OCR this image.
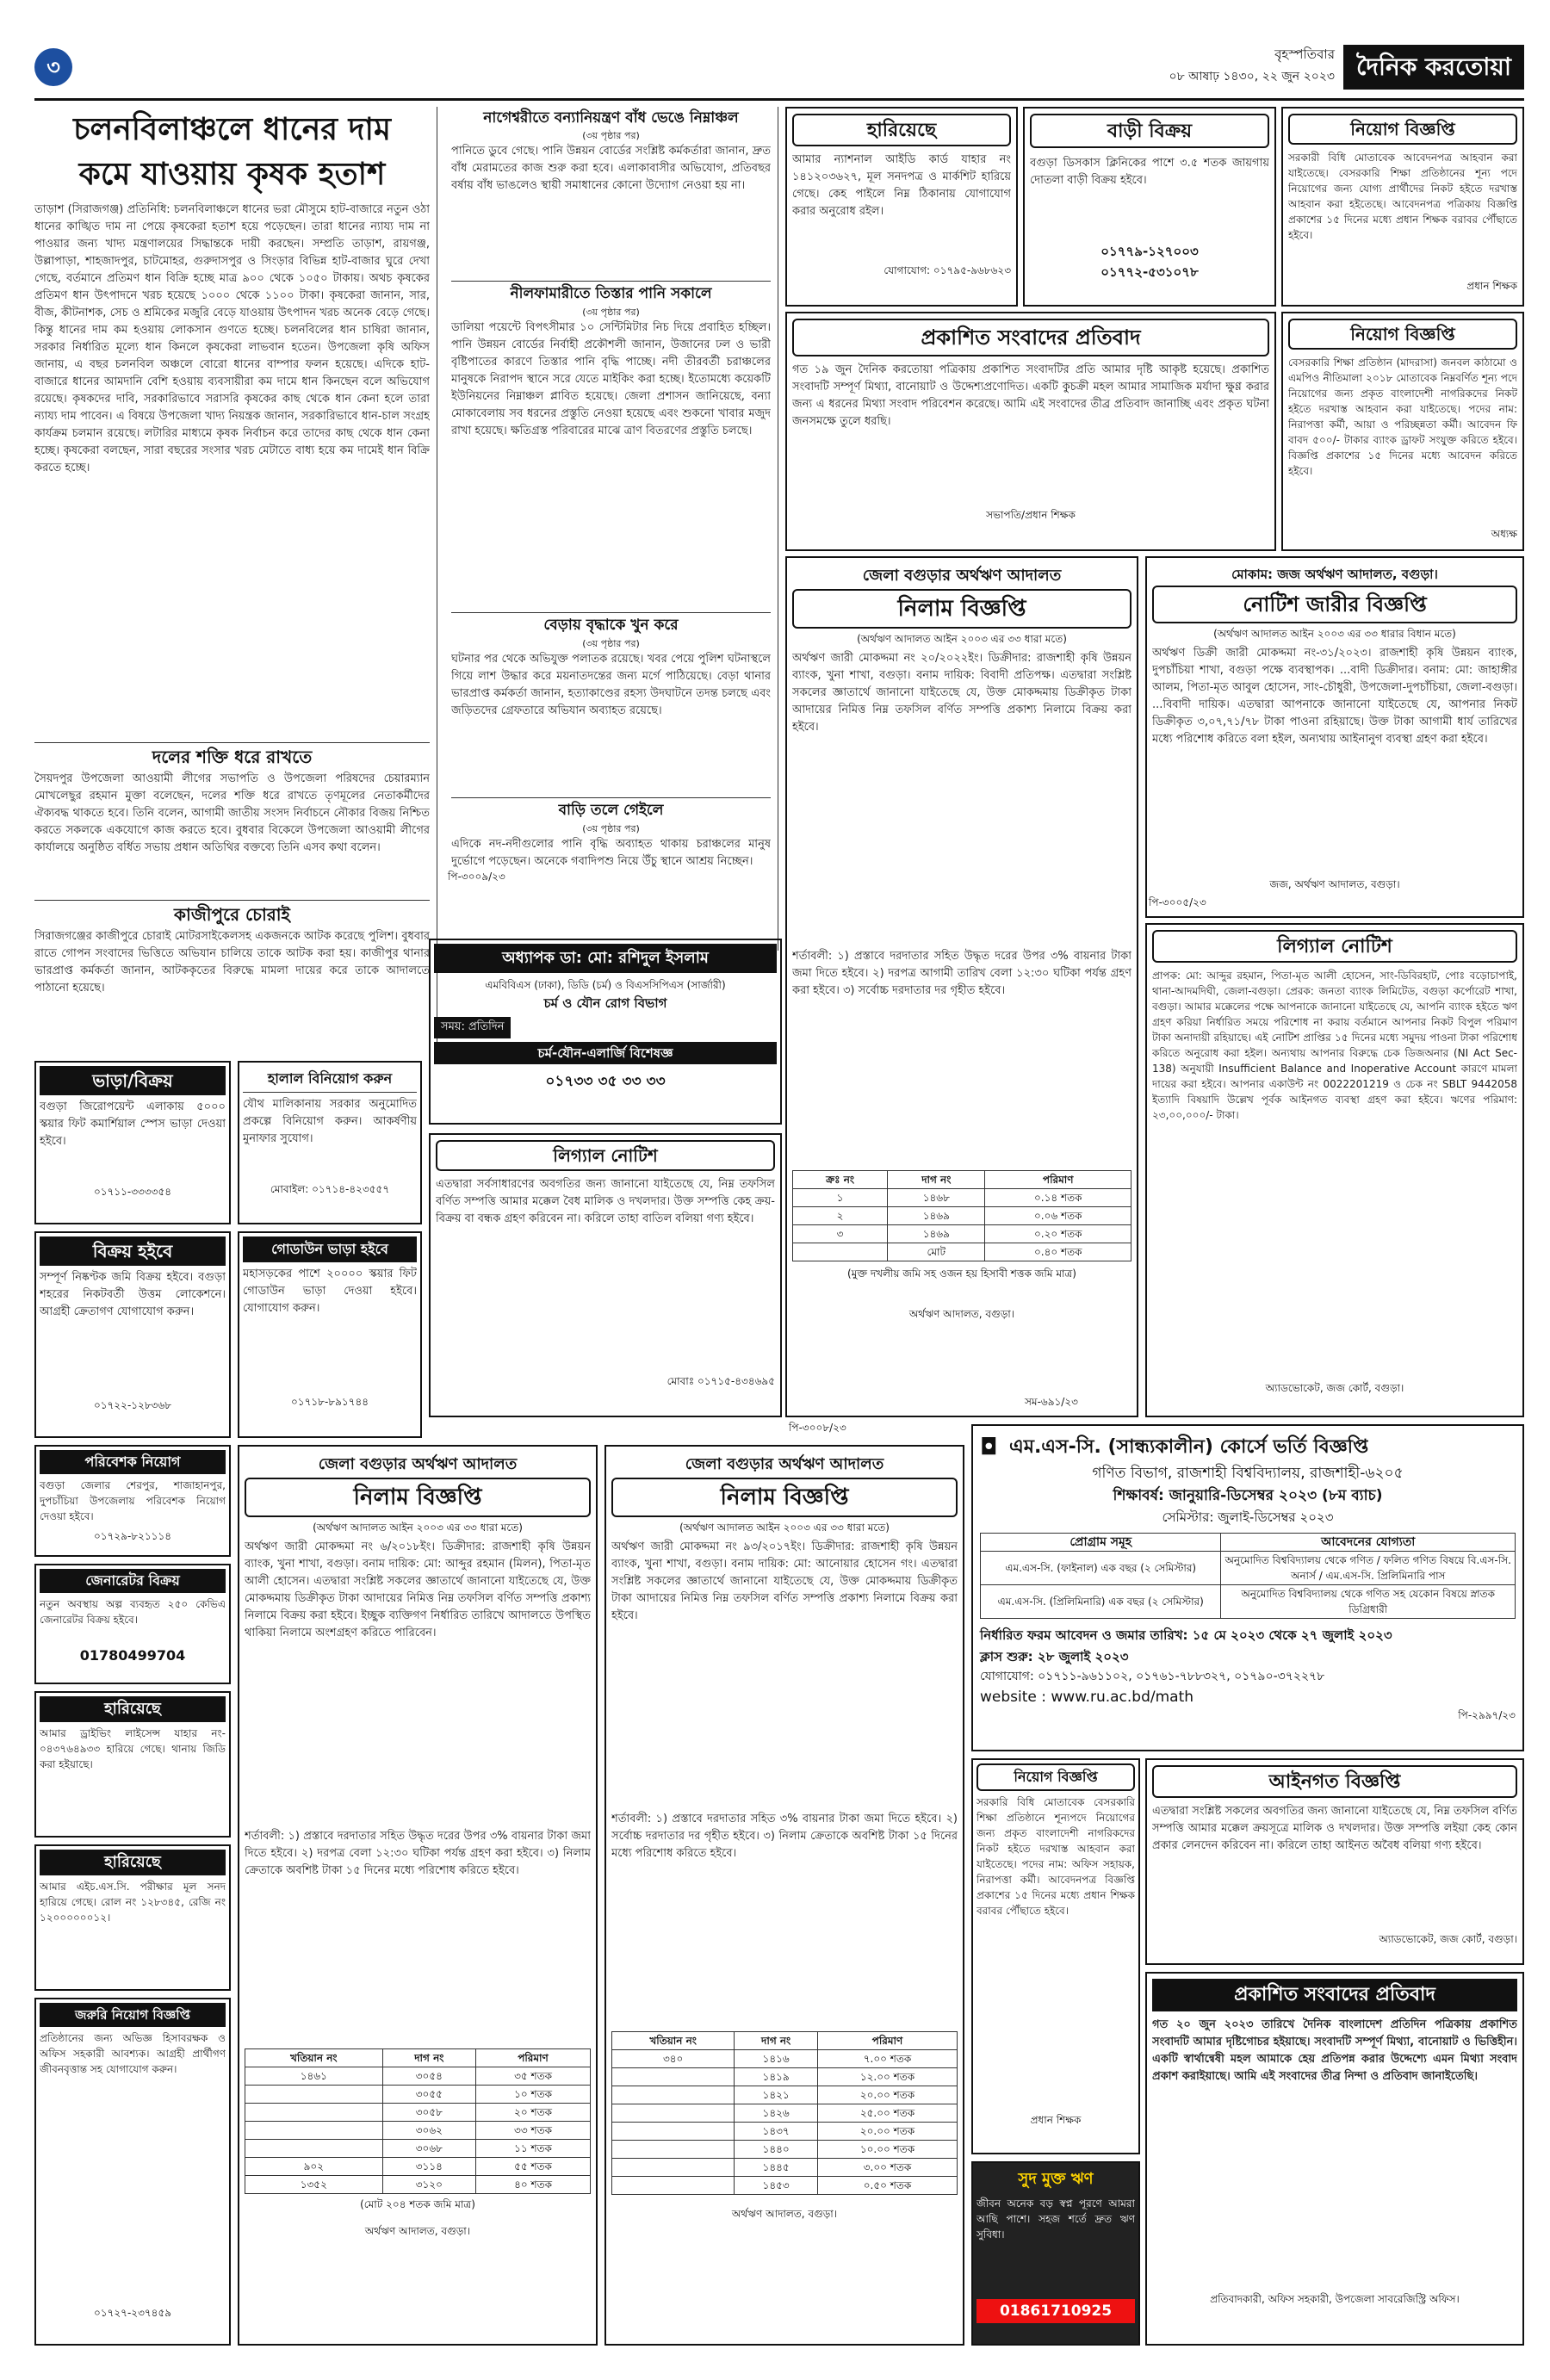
৩
বৃহস্পতিবার
০৮ আষাঢ় ১৪৩০, ২২ জুন ২০২৩ দৈনিক করতোয়া
চলনবিলাঞ্চলে ধানের দাম
কমে যাওয়ায় কৃষক হতাশ
তাড়াশ (সিরাজগঞ্জ) প্রতিনিধি: চলনবিলাঞ্চলে ধানের ভরা মৌসুমে হাট-বাজারে নতুন ওঠা ধানের কাঙ্খিত দাম না পেয়ে কৃষকেরা হতাশ হয়ে পড়েছেন। তারা ধানের ন্যায্য দাম না পাওয়ার জন্য খাদ্য মন্ত্রণালয়ের সিদ্ধান্তকে দায়ী করছেন। সম্প্রতি তাড়াশ, রায়গঞ্জ, উল্লাপাড়া, শাহজাদপুর, চাটমোহর, গুরুদাসপুর ও সিংড়ার বিভিন্ন হাট-বাজার ঘুরে দেখা গেছে, বর্তমানে প্রতিমণ ধান বিক্রি হচ্ছে মাত্র ৯০০ থেকে ১০৫০ টাকায়। অথচ কৃষকের প্রতিমণ ধান উৎপাদনে খরচ হয়েছে ১০০০ থেকে ১১০০ টাকা। কৃষকেরা জানান, সার, বীজ, কীটনাশক, সেচ ও শ্রমিকের মজুরি বেড়ে যাওয়ায় উৎপাদন খরচ অনেক বেড়ে গেছে। কিন্তু ধানের দাম কম হওয়ায় লোকসান গুণতে হচ্ছে। চলনবিলের ধান চাষিরা জানান, সরকার নির্ধারিত মূল্যে ধান কিনলে কৃষকেরা লাভবান হতেন। উপজেলা কৃষি অফিস জানায়, এ বছর চলনবিল অঞ্চলে বোরো ধানের বাম্পার ফলন হয়েছে। এদিকে হাট-বাজারে ধানের আমদানি বেশি হওয়ায় ব্যবসায়ীরা কম দামে ধান কিনছেন বলে অভিযোগ রয়েছে। কৃষকদের দাবি, সরকারিভাবে সরাসরি কৃষকের কাছ থেকে ধান কেনা হলে তারা ন্যায্য দাম পাবেন। এ বিষয়ে উপজেলা খাদ্য নিয়ন্ত্রক জানান, সরকারিভাবে ধান-চাল সংগ্রহ কার্যক্রম চলমান রয়েছে। লটারির মাধ্যমে কৃষক নির্বাচন করে তাদের কাছ থেকে ধান কেনা হচ্ছে। কৃষকেরা বলছেন, সারা বছরের সংসার খরচ মেটাতে বাধ্য হয়ে কম দামেই ধান বিক্রি করতে হচ্ছে।
দলের শক্তি ধরে রাখতে
সৈয়দপুর উপজেলা আওয়ামী লীগের সভাপতি ও উপজেলা পরিষদের চেয়ারম্যান মোখলেছুর রহমান মুক্তা বলেছেন, দলের শক্তি ধরে রাখতে তৃণমূলের নেতাকর্মীদের ঐক্যবদ্ধ থাকতে হবে। তিনি বলেন, আগামী জাতীয় সংসদ নির্বাচনে নৌকার বিজয় নিশ্চিত করতে সকলকে একযোগে কাজ করতে হবে। বুধবার বিকেলে উপজেলা আওয়ামী লীগের কার্যালয়ে অনুষ্ঠিত বর্ধিত সভায় প্রধান অতিথির বক্তব্যে তিনি এসব কথা বলেন।
কাজীপুরে চোরাই
সিরাজগঞ্জের কাজীপুরে চোরাই মোটরসাইকেলসহ একজনকে আটক করেছে পুলিশ। বুধবার রাতে গোপন সংবাদের ভিত্তিতে অভিযান চালিয়ে তাকে আটক করা হয়। কাজীপুর থানার ভারপ্রাপ্ত কর্মকর্তা জানান, আটককৃতের বিরুদ্ধে মামলা দায়ের করে তাকে আদালতে পাঠানো হয়েছে।
নাগেশ্বরীতে বন্যানিয়ন্ত্রণ বাঁধ ভেঙে নিম্নাঞ্চল
(৩য় পৃষ্ঠার পর)
পানিতে ডুবে গেছে। পানি উন্নয়ন বোর্ডের সংশ্লিষ্ট কর্মকর্তারা জানান, দ্রুত বাঁধ মেরামতের কাজ শুরু করা হবে। এলাকাবাসীর অভিযোগ, প্রতিবছর বর্ষায় বাঁধ ভাঙলেও স্থায়ী সমাধানের কোনো উদ্যোগ নেওয়া হয় না।
নীলফামারীতে তিস্তার পানি সকালে
(৩য় পৃষ্ঠার পর)
ডালিয়া পয়েন্টে বিপৎসীমার ১০ সেন্টিমিটার নিচ দিয়ে প্রবাহিত হচ্ছিল। পানি উন্নয়ন বোর্ডের নির্বাহী প্রকৌশলী জানান, উজানের ঢল ও ভারী বৃষ্টিপাতের কারণে তিস্তার পানি বৃদ্ধি পাচ্ছে। নদী তীরবর্তী চরাঞ্চলের মানুষকে নিরাপদ স্থানে সরে যেতে মাইকিং করা হচ্ছে। ইতোমধ্যে কয়েকটি ইউনিয়নের নিম্নাঞ্চল প্লাবিত হয়েছে। জেলা প্রশাসন জানিয়েছে, বন্যা মোকাবেলায় সব ধরনের প্রস্তুতি নেওয়া হয়েছে এবং শুকনো খাবার মজুদ রাখা হয়েছে। ক্ষতিগ্রস্ত পরিবারের মাঝে ত্রাণ বিতরণের প্রস্তুতি চলছে।
বেড়ায় বৃদ্ধাকে খুন করে
(৩য় পৃষ্ঠার পর)
ঘটনার পর থেকে অভিযুক্ত পলাতক রয়েছে। খবর পেয়ে পুলিশ ঘটনাস্থলে গিয়ে লাশ উদ্ধার করে ময়নাতদন্তের জন্য মর্গে পাঠিয়েছে। বেড়া থানার ভারপ্রাপ্ত কর্মকর্তা জানান, হত্যাকাণ্ডের রহস্য উদঘাটনে তদন্ত চলছে এবং জড়িতদের গ্রেফতারে অভিযান অব্যাহত রয়েছে।
বাড়ি তলে গেইলে
(৩য় পৃষ্ঠার পর)
এদিকে নদ-নদীগুলোর পানি বৃদ্ধি অব্যাহত থাকায় চরাঞ্চলের মানুষ দুর্ভোগে পড়েছেন। অনেকে গবাদিপশু নিয়ে উঁচু স্থানে আশ্রয় নিচ্ছেন।
অধ্যাপক ডা: মো: রশিদুল ইসলাম
এমবিবিএস (ঢাকা), ডিডি (চর্ম) ও বিএসসিপিএস (সার্জারী)
চর্ম ও যৌন রোগ বিভাগ
সময়: প্রতিদিন
চর্ম-যৌন-এলার্জি বিশেষজ্ঞ
০১৭৩৩ ৩৫ ৩৩ ৩৩
লিগ্যাল নোটিশ
এতদ্বারা সর্বসাধারণের অবগতির জন্য জানানো যাইতেছে যে, নিম্ন তফসিল বর্ণিত সম্পত্তি আমার মক্কেল বৈধ মালিক ও দখলদার। উক্ত সম্পত্তি কেহ ক্রয়-বিক্রয় বা বন্ধক গ্রহণ করিবেন না। করিলে তাহা বাতিল বলিয়া গণ্য হইবে।
মোবাঃ ০১৭১৫-৪৩৪৬৯৫
হারিয়েছে
আমার ন্যাশনাল আইডি কার্ড যাহার নং ১৪১২০৩৬২৭, মূল সনদপত্র ও মার্কশিট হারিয়ে গেছে। কেহ পাইলে নিম্ন ঠিকানায় যোগাযোগ করার অনুরোধ রইল।
যোগাযোগ: ০১৭৯৫-৯৬৮৬২৩
প্রকাশিত সংবাদের প্রতিবাদ
গত ১৯ জুন দৈনিক করতোয়া পত্রিকায় প্রকাশিত সংবাদটির প্রতি আমার দৃষ্টি আকৃষ্ট হয়েছে। প্রকাশিত সংবাদটি সম্পূর্ণ মিথ্যা, বানোয়াট ও উদ্দেশ্যপ্রণোদিত। একটি কুচক্রী মহল আমার সামাজিক মর্যাদা ক্ষুণ্ণ করার জন্য এ ধরনের মিথ্যা সংবাদ পরিবেশন করেছে। আমি এই সংবাদের তীব্র প্রতিবাদ জানাচ্ছি এবং প্রকৃত ঘটনা জনসমক্ষে তুলে ধরছি।
সভাপতি/প্রধান শিক্ষক
জেলা বগুড়ার অর্থঋণ আদালত
নিলাম বিজ্ঞপ্তি
(অর্থঋণ আদালত আইন ২০০৩ এর ৩৩ ধারা মতে)
অর্থঋণ জারী মোকদ্দমা নং ২০/২০২২ইং। ডিক্রীদার: রাজশাহী কৃষি উন্নয়ন ব্যাংক, খুনা শাখা, বগুড়া। বনাম দায়িক: বিবাদী প্রতিপক্ষ। এতদ্বারা সংশ্লিষ্ট সকলের জ্ঞাতার্থে জানানো যাইতেছে যে, উক্ত মোকদ্দমায় ডিক্রীকৃত টাকা আদায়ের নিমিত্ত নিম্ন তফসিল বর্ণিত সম্পত্তি প্রকাশ্য নিলামে বিক্রয় করা হইবে।
শর্তাবলী: ১) প্রস্তাবে দরদাতার সহিত উদ্ধৃত দরের উপর ৩% বায়নার টাকা জমা দিতে হইবে। ২) দরপত্র আগামী তারিখ বেলা ১২:৩০ ঘটিকা পর্যন্ত গ্রহণ করা হইবে। ৩) সর্বোচ্চ দরদাতার দর গৃহীত হইবে।
ক্রঃ নং	দাগ নং	পরিমাণ
১	১৪৬৮	০.১৪ শতক
২	১৪৬৯	০.০৬ শতক
৩	১৪৬৯	০.২০ শতক
	মোট	০.৪০ শতক
(মুক্ত দখলীয় জমি সহ ওজন হয় হিসাবী শত্তক জমি মাত্র)
অর্থঋণ আদালত, বগুড়া।
বাড়ী বিক্রয়
বগুড়া ডিসকাস ক্লিনিকের পাশে ৩.৫ শতক জায়গায় দোতলা বাড়ী বিক্রয় হইবে।
০১৭৭৯-১২৭০০৩
০১৭৭২-৫৩১০৭৮
মোকাম: জজ অর্থঋণ আদালত, বগুড়া।
নোটিশ জারীর বিজ্ঞপ্তি
(অর্থঋণ আদালত আইন ২০০৩ এর ৩৩ ধারার বিধান মতে)
অর্থঋণ ডিক্রী জারী মোকদ্দমা নং-৩১/২০২৩। রাজশাহী কৃষি উন্নয়ন ব্যাংক, দুপচাঁচিয়া শাখা, বগুড়া পক্ষে ব্যবস্থাপক। ...বাদী ডিক্রীদার। বনাম: মো: জাহাঙ্গীর আলম, পিতা-মৃত আবুল হোসেন, সাং-চৌধুরী, উপজেলা-দুপচাঁচিয়া, জেলা-বগুড়া। ...বিবাদী দায়িক। এতদ্বারা আপনাকে জানানো যাইতেছে যে, আপনার নিকট ডিক্রীকৃত ৩,০৭,৭১/৭৮ টাকা পাওনা রহিয়াছে। উক্ত টাকা আগামী ধার্য তারিখের মধ্যে পরিশোধ করিতে বলা হইল, অন্যথায় আইনানুগ ব্যবস্থা গ্রহণ করা হইবে।
জজ, অর্থঋণ আদালত, বগুড়া।
লিগ্যাল নোটিশ
প্রাপক: মো: আব্দুর রহমান, পিতা-মৃত আলী হোসেন, সাং-ডিবিরহাট, পোঃ বড়োচাপাই, থানা-আদমদিঘী, জেলা-বগুড়া। প্রেরক: জনতা ব্যাংক লিমিটেড, বগুড়া কর্পোরেট শাখা, বগুড়া। আমার মক্কেলের পক্ষে আপনাকে জানানো যাইতেছে যে, আপনি ব্যাংক হইতে ঋণ গ্রহণ করিয়া নির্ধারিত সময়ে পরিশোধ না করায় বর্তমানে আপনার নিকট বিপুল পরিমাণ টাকা অনাদায়ী রহিয়াছে। এই নোটিশ প্রাপ্তির ১৫ দিনের মধ্যে সমুদয় পাওনা টাকা পরিশোধ করিতে অনুরোধ করা হইল। অন্যথায় আপনার বিরুদ্ধে চেক ডিজঅনার (NI Act Sec-138) অনুযায়ী Insufficient Balance and Inoperative Account কারণে মামলা দায়ের করা হইবে। আপনার একাউন্ট নং 0022201219 ও চেক নং SBLT 9442058 ইত্যাদি বিষয়াদি উল্লেখ পূর্বক আইনগত ব্যবস্থা গ্রহণ করা হইবে। ঋণের পরিমাণ: ২৩,০০,০০০/- টাকা।
অ্যাডভোকেট, জজ কোর্ট, বগুড়া।
নিয়োগ বিজ্ঞপ্তি
সরকারী বিধি মোতাবেক আবেদনপত্র আহবান করা যাইতেছে। বেসরকারি শিক্ষা প্রতিষ্ঠানের শূন্য পদে নিয়োগের জন্য যোগ্য প্রার্থীদের নিকট হইতে দরখাস্ত আহবান করা হইতেছে। আবেদনপত্র পত্রিকায় বিজ্ঞপ্তি প্রকাশের ১৫ দিনের মধ্যে প্রধান শিক্ষক বরাবর পৌঁছাতে হইবে।
প্রধান শিক্ষক
নিয়োগ বিজ্ঞপ্তি
বেসরকারি শিক্ষা প্রতিষ্ঠান (মাদরাসা) জনবল কাঠামো ও এমপিও নীতিমালা ২০১৮ মোতাবেক নিম্নবর্ণিত শূন্য পদে নিয়োগের জন্য প্রকৃত বাংলাদেশী নাগরিকদের নিকট হইতে দরখাস্ত আহবান করা যাইতেছে। পদের নাম: নিরাপত্তা কর্মী, আয়া ও পরিচ্ছন্নতা কর্মী। আবেদন ফি বাবদ ৫০০/- টাকার ব্যাংক ড্রাফট সংযুক্ত করিতে হইবে। বিজ্ঞপ্তি প্রকাশের ১৫ দিনের মধ্যে আবেদন করিতে হইবে।
অধ্যক্ষ
ভাড়া/বিক্রয়
বগুড়া জিরোপয়েন্ট এলাকায় ৫০০০ স্কয়ার ফিট কমার্শিয়াল স্পেস ভাড়া দেওয়া হইবে।
০১৭১১-৩৩৩৩৫৪
হালাল বিনিয়োগ করুন
যৌথ মালিকানায় সরকার অনুমোদিত প্রকল্পে বিনিয়োগ করুন। আকর্ষণীয় মুনাফার সুযোগ।
মোবাইল: ০১৭১৪-৪২৩৫৫৭
বিক্রয় হইবে
সম্পূর্ণ নিষ্কণ্টক জমি বিক্রয় হইবে। বগুড়া শহরের নিকটবর্তী উত্তম লোকেশনে। আগ্রহী ক্রেতাগণ যোগাযোগ করুন।
০১৭২২-১২৮৩৬৮
গোডাউন ভাড়া হইবে
মহাসড়কের পাশে ২০০০০ স্কয়ার ফিট গোডাউন ভাড়া দেওয়া হইবে। যোগাযোগ করুন।
০১৭১৮-৮৯১৭৪৪
পরিবেশক নিয়োগ
বগুড়া জেলার শেরপুর, শাজাহানপুর, দুপচাঁচিয়া উপজেলায় পরিবেশক নিয়োগ দেওয়া হইবে।
০১৭২৯-৮২১১১৪
জেনারেটর বিক্রয়
নতুন অবস্থায় অল্প ব্যবহৃত ২৫০ কেভিএ জেনারেটর বিক্রয় হইবে।
01780499704
হারিয়েছে
আমার ড্রাইভিং লাইসেন্স যাহার নং- ০৪৩৭৬৪৯৩৩ হারিয়ে গেছে। থানায় জিডি করা হইয়াছে।
হারিয়েছে
আমার এইচ.এস.সি. পরীক্ষার মূল সনদ হারিয়ে গেছে। রোল নং ১২৮৩৪৫, রেজি নং ১২০০০০০০১২।
জরুরি নিয়োগ বিজ্ঞপ্তি
প্রতিষ্ঠানের জন্য অভিজ্ঞ হিসাবরক্ষক ও অফিস সহকারী আবশ্যক। আগ্রহী প্রার্থীগণ জীবনবৃত্তান্ত সহ যোগাযোগ করুন।
০১৭২৭-২৩৭৪৫৯
জেলা বগুড়ার অর্থঋণ আদালত
নিলাম বিজ্ঞপ্তি
(অর্থঋণ আদালত আইন ২০০৩ এর ৩৩ ধারা মতে)
অর্থঋণ জারী মোকদ্দমা নং ৬/২০১৮ইং। ডিক্রীদার: রাজশাহী কৃষি উন্নয়ন ব্যাংক, খুনা শাখা, বগুড়া। বনাম দায়িক: মো: আব্দুর রহমান (মিলন), পিতা-মৃত আলী হোসেন। এতদ্বারা সংশ্লিষ্ট সকলের জ্ঞাতার্থে জানানো যাইতেছে যে, উক্ত মোকদ্দমায় ডিক্রীকৃত টাকা আদায়ের নিমিত্ত নিম্ন তফসিল বর্ণিত সম্পত্তি প্রকাশ্য নিলামে বিক্রয় করা হইবে। ইচ্ছুক ব্যক্তিগণ নির্ধারিত তারিখে আদালতে উপস্থিত থাকিয়া নিলামে অংশগ্রহণ করিতে পারিবেন।
শর্তাবলী: ১) প্রস্তাবে দরদাতার সহিত উদ্ধৃত দরের উপর ৩% বায়নার টাকা জমা দিতে হইবে। ২) দরপত্র বেলা ১২:৩০ ঘটিকা পর্যন্ত গ্রহণ করা হইবে। ৩) নিলাম ক্রেতাকে অবশিষ্ট টাকা ১৫ দিনের মধ্যে পরিশোধ করিতে হইবে।
খতিয়ান নং	দাগ নং	পরিমাণ
১৪৬১	৩০৫৪	৩৫ শতক
	৩০৫৫	১০ শতক
	৩০৫৮	২০ শতক
	৩০৬২	৩৩ শতক
	৩০৬৮	১১ শতক
৯০২	৩১১৪	৫৫ শতক
১৩৫২	৩১২০	৪০ শতক
(মোট ২০৪ শতক জমি মাত্র)
অর্থঋণ আদালত, বগুড়া।
জেলা বগুড়ার অর্থঋণ আদালত
নিলাম বিজ্ঞপ্তি
(অর্থঋণ আদালত আইন ২০০৩ এর ৩৩ ধারা মতে)
অর্থঋণ জারী মোকদ্দমা নং ৯৩/২০১৭ইং। ডিক্রীদার: রাজশাহী কৃষি উন্নয়ন ব্যাংক, খুনা শাখা, বগুড়া। বনাম দায়িক: মো: আনোয়ার হোসেন গং। এতদ্বারা সংশ্লিষ্ট সকলের জ্ঞাতার্থে জানানো যাইতেছে যে, উক্ত মোকদ্দমায় ডিক্রীকৃত টাকা আদায়ের নিমিত্ত নিম্ন তফসিল বর্ণিত সম্পত্তি প্রকাশ্য নিলামে বিক্রয় করা হইবে।
শর্তাবলী: ১) প্রস্তাবে দরদাতার সহিত ৩% বায়নার টাকা জমা দিতে হইবে। ২) সর্বোচ্চ দরদাতার দর গৃহীত হইবে। ৩) নিলাম ক্রেতাকে অবশিষ্ট টাকা ১৫ দিনের মধ্যে পরিশোধ করিতে হইবে।
খতিয়ান নং	দাগ নং	পরিমাণ
৩৪০	১৪১৬	৭.০০ শতক
	১৪১৯	১২.০০ শতক
	১৪২১	২০.০০ শতক
	১৪২৬	২৫.০০ শতক
	১৪৩৭	২০.০০ শতক
	১৪৪০	১০.০০ শতক
	১৪৪৫	৩.০০ শতক
	১৪৫৩	০.৫০ শতক
অর্থঋণ আদালত, বগুড়া।
◘ এম.এস-সি. (সান্ধ্যকালীন) কোর্সে ভর্তি বিজ্ঞপ্তি
গণিত বিভাগ, রাজশাহী বিশ্ববিদ্যালয়, রাজশাহী-৬২০৫
শিক্ষাবর্ষ: জানুয়ারি-ডিসেম্বর ২০২৩ (৮ম ব্যাচ)
সেমিস্টার: জুলাই-ডিসেম্বর ২০২৩
প্রোগ্রাম সমূহ	আবেদনের যোগ্যতা
এম.এস-সি. (ফাইনাল) এক বছর (২ সেমিস্টার)	অনুমোদিত বিশ্ববিদ্যালয় থেকে গণিত / ফলিত গণিত বিষয়ে বি.এস-সি. অনার্স / এম.এস-সি. প্রিলিমিনারি পাস
এম.এস-সি. (প্রিলিমিনারি) এক বছর (২ সেমিস্টার)	অনুমোদিত বিশ্ববিদ্যালয় থেকে গণিত সহ যেকোন বিষয়ে স্নাতক ডিগ্রিধারী
নির্ধারিত ফরম আবেদন ও জমার তারিখ: ১৫ মে ২০২৩ থেকে ২৭ জুলাই ২০২৩
ক্লাস শুরু: ২৮ জুলাই ২০২৩
যোগাযোগ: ০১৭১১-৯৬১১০২, ০১৭৬১-৭৮৮৩২৭, ০১৭৯০-৩৭২২৭৮
website : www.ru.ac.bd/math
পি-২৯৯৭/২৩
নিয়োগ বিজ্ঞপ্তি
সরকারি বিধি মোতাবেক বেসরকারি শিক্ষা প্রতিষ্ঠানে শূন্যপদে নিয়োগের জন্য প্রকৃত বাংলাদেশী নাগরিকদের নিকট হইতে দরখাস্ত আহবান করা যাইতেছে। পদের নাম: অফিস সহায়ক, নিরাপত্তা কর্মী। আবেদনপত্র বিজ্ঞপ্তি প্রকাশের ১৫ দিনের মধ্যে প্রধান শিক্ষক বরাবর পৌঁছাতে হইবে।
প্রধান শিক্ষক
আইনগত বিজ্ঞপ্তি
এতদ্বারা সংশ্লিষ্ট সকলের অবগতির জন্য জানানো যাইতেছে যে, নিম্ন তফসিল বর্ণিত সম্পত্তি আমার মক্কেল ক্রয়সূত্রে মালিক ও দখলদার। উক্ত সম্পত্তি লইয়া কেহ কোন প্রকার লেনদেন করিবেন না। করিলে তাহা আইনত অবৈধ বলিয়া গণ্য হইবে।
অ্যাডভোকেট, জজ কোর্ট, বগুড়া।
প্রকাশিত সংবাদের প্রতিবাদ
গত ২০ জুন ২০২৩ তারিখে দৈনিক বাংলাদেশ প্রতিদিন পত্রিকায় প্রকাশিত সংবাদটি আমার দৃষ্টিগোচর হইয়াছে। সংবাদটি সম্পূর্ণ মিথ্যা, বানোয়াট ও ভিত্তিহীন। একটি স্বার্থান্বেষী মহল আমাকে হেয় প্রতিপন্ন করার উদ্দেশ্যে এমন মিথ্যা সংবাদ প্রকাশ করাইয়াছে। আমি এই সংবাদের তীব্র নিন্দা ও প্রতিবাদ জানাইতেছি।
প্রতিবাদকারী, অফিস সহকারী, উপজেলা সাবরেজিস্ট্রি অফিস।
সুদ মুক্ত ঋণ
জীবন অনেক বড় স্বপ্ন পূরণে আমরা আছি পাশে। সহজ শর্তে দ্রুত ঋণ সুবিধা।
01861710925
পি-৩০০৯/২৩
পি-৩০০৮/২৩
সম-৬৯১/২৩
পি-৩০০৫/২৩
